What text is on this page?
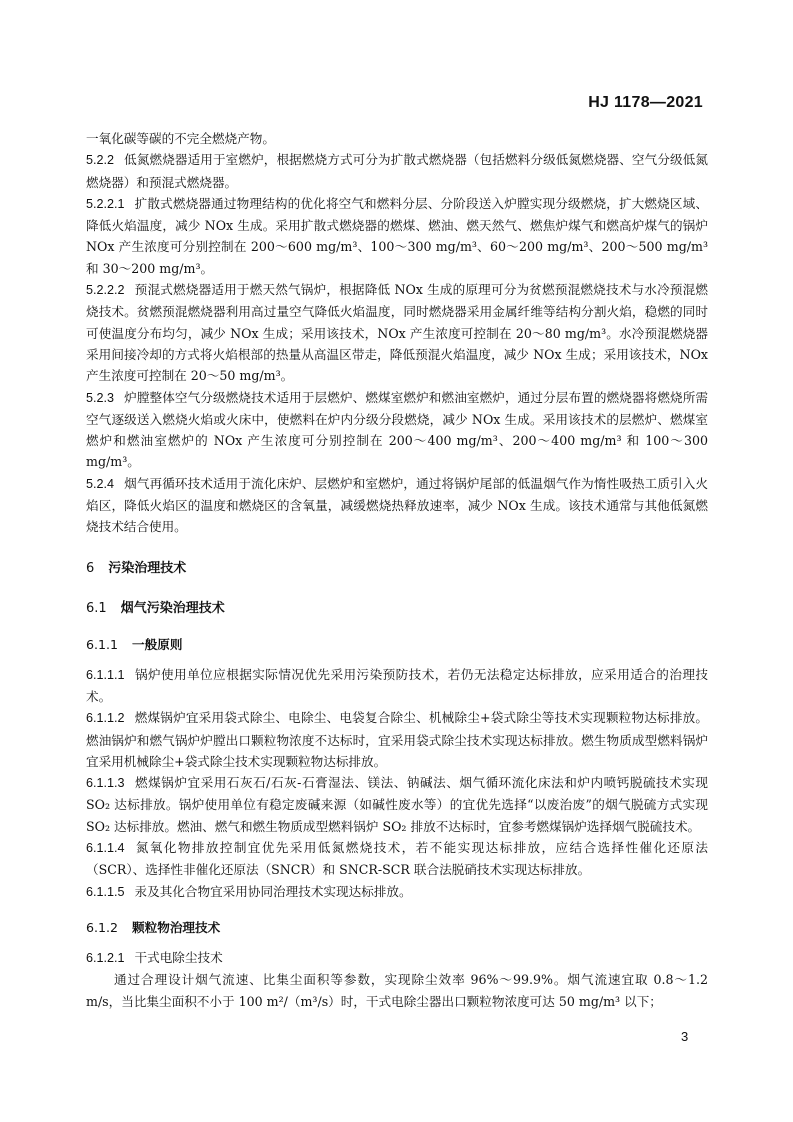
HJ 1178—2021

一氧化碳等碳的不完全燃烧产物。

5.2.2 低氮燃烧器适用于室燃炉，根据燃烧方式可分为扩散式燃烧器（包括燃料分级低氮燃烧器、空气分级低氮燃烧器）和预混式燃烧器。

5.2.2.1 扩散式燃烧器通过物理结构的优化将空气和燃料分层、分阶段送入炉膛实现分级燃烧，扩大燃烧区域、降低火焰温度，减少 NOx 生成。采用扩散式燃烧器的燃煤、燃油、燃天然气、燃焦炉煤气和燃高炉煤气的锅炉 NOx 产生浓度可分别控制在 200～600 mg/m³、100～300 mg/m³、60～200 mg/m³、200～500 mg/m³ 和 30～200 mg/m³。

5.2.2.2 预混式燃烧器适用于燃天然气锅炉，根据降低 NOx 生成的原理可分为贫燃预混燃烧技术与水冷预混燃烧技术。贫燃预混燃烧器利用高过量空气降低火焰温度，同时燃烧器采用金属纤维等结构分割火焰，稳燃的同时可使温度分布均匀，减少 NOx 生成；采用该技术，NOx 产生浓度可控制在 20～80 mg/m³。水冷预混燃烧器采用间接冷却的方式将火焰根部的热量从高温区带走，降低预混火焰温度，减少 NOx 生成；采用该技术，NOx 产生浓度可控制在 20～50 mg/m³。

5.2.3 炉膛整体空气分级燃烧技术适用于层燃炉、燃煤室燃炉和燃油室燃炉，通过分层布置的燃烧器将燃烧所需空气逐级送入燃烧火焰或火床中，使燃料在炉内分级分段燃烧，减少 NOx 生成。采用该技术的层燃炉、燃煤室燃炉和燃油室燃炉的 NOx 产生浓度可分别控制在 200～400 mg/m³、200～400 mg/m³ 和 100～300 mg/m³。

5.2.4 烟气再循环技术适用于流化床炉、层燃炉和室燃炉，通过将锅炉尾部的低温烟气作为惰性吸热工质引入火焰区，降低火焰区的温度和燃烧区的含氧量，减缓燃烧热释放速率，减少 NOx 生成。该技术通常与其他低氮燃烧技术结合使用。

6 污染治理技术
6.1 烟气污染治理技术
6.1.1 一般原则

6.1.1.1 锅炉使用单位应根据实际情况优先采用污染预防技术，若仍无法稳定达标排放，应采用适合的治理技术。

6.1.1.2 燃煤锅炉宜采用袋式除尘、电除尘、电袋复合除尘、机械除尘+袋式除尘等技术实现颗粒物达标排放。燃油锅炉和燃气锅炉炉膛出口颗粒物浓度不达标时，宜采用袋式除尘技术实现达标排放。燃生物质成型燃料锅炉宜采用机械除尘+袋式除尘技术实现颗粒物达标排放。

6.1.1.3 燃煤锅炉宜采用石灰石/石灰-石膏湿法、镁法、钠碱法、烟气循环流化床法和炉内喷钙脱硫技术实现 SO₂ 达标排放。锅炉使用单位有稳定废碱来源（如碱性废水等）的宜优先选择“以废治废”的烟气脱硫方式实现 SO₂ 达标排放。燃油、燃气和燃生物质成型燃料锅炉 SO₂ 排放不达标时，宜参考燃煤锅炉选择烟气脱硫技术。

6.1.1.4 氮氧化物排放控制宜优先采用低氮燃烧技术，若不能实现达标排放，应结合选择性催化还原法（SCR）、选择性非催化还原法（SNCR）和 SNCR-SCR 联合法脱硝技术实现达标排放。

6.1.1.5 汞及其化合物宜采用协同治理技术实现达标排放。

6.1.2 颗粒物治理技术

6.1.2.1 干式电除尘技术

通过合理设计烟气流速、比集尘面积等参数，实现除尘效率 96%～99.9%。烟气流速宜取 0.8～1.2 m/s，当比集尘面积不小于 100 m²/（m³/s）时，干式电除尘器出口颗粒物浓度可达 50 mg/m³ 以下；

3
